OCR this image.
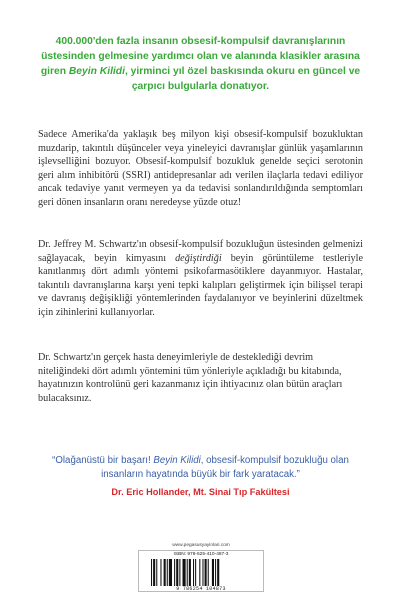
400.000'den fazla insanın obsesif-kompulsif davranışlarının üstesinden gelmesine yardımcı olan ve alanında klasikler arasına giren Beyin Kilidi, yirminci yıl özel baskısında okuru en güncel ve çarpıcı bulgularla donatıyor.
Sadece Amerika'da yaklaşık beş milyon kişi obsesif-kompulsif bozukluktan muzdarip, takıntılı düşünceler veya yineleyici davranışlar günlük yaşamlarının işlevselliğini bozuyor. Obsesif-kompulsif bozukluk genelde seçici serotonin geri alım inhibitörü (SSRI) antidepresanlar adı verilen ilaçlarla tedavi ediliyor ancak tedaviye yanıt vermeyen ya da tedavisi sonlandırıldığında semptomları geri dönen insanların oranı neredeyse yüzde otuz!
Dr. Jeffrey M. Schwartz'ın obsesif-kompulsif bozukluğun üstesinden gelmenizi sağlayacak, beyin kimyasını değiştirdiği beyin görüntüleme testleriyle kanıtlanmış dört adımlı yöntemi psikofarmasötiklere dayanmıyor. Hastalar, takıntılı davranışlarına karşı yeni tepki kalıpları geliştirmek için bilişsel terapi ve davranış değişikliği yöntemlerinden faydalanıyor ve beyinlerini düzeltmek için zihinlerini kullanıyorlar.
Dr. Schwartz'ın gerçek hasta deneyimleriyle de desteklediği devrim niteliğindeki dört adımlı yöntemini tüm yönleriyle açıkladığı bu kitabında, hayatınızın kontrolünü geri kazanmanız için ihtiyacınız olan bütün araçları bulacaksınız.
“Olağanüstü bir başarı! Beyin Kilidi, obsesif-kompulsif bozukluğu olan insanların hayatında büyük bir fark yaratacak.”
Dr. Eric Hollander, Mt. Sinai Tıp Fakültesi
www.pegasusyayinlari.com
ISBN: 978-625-410-487-3
9 786254 104873
